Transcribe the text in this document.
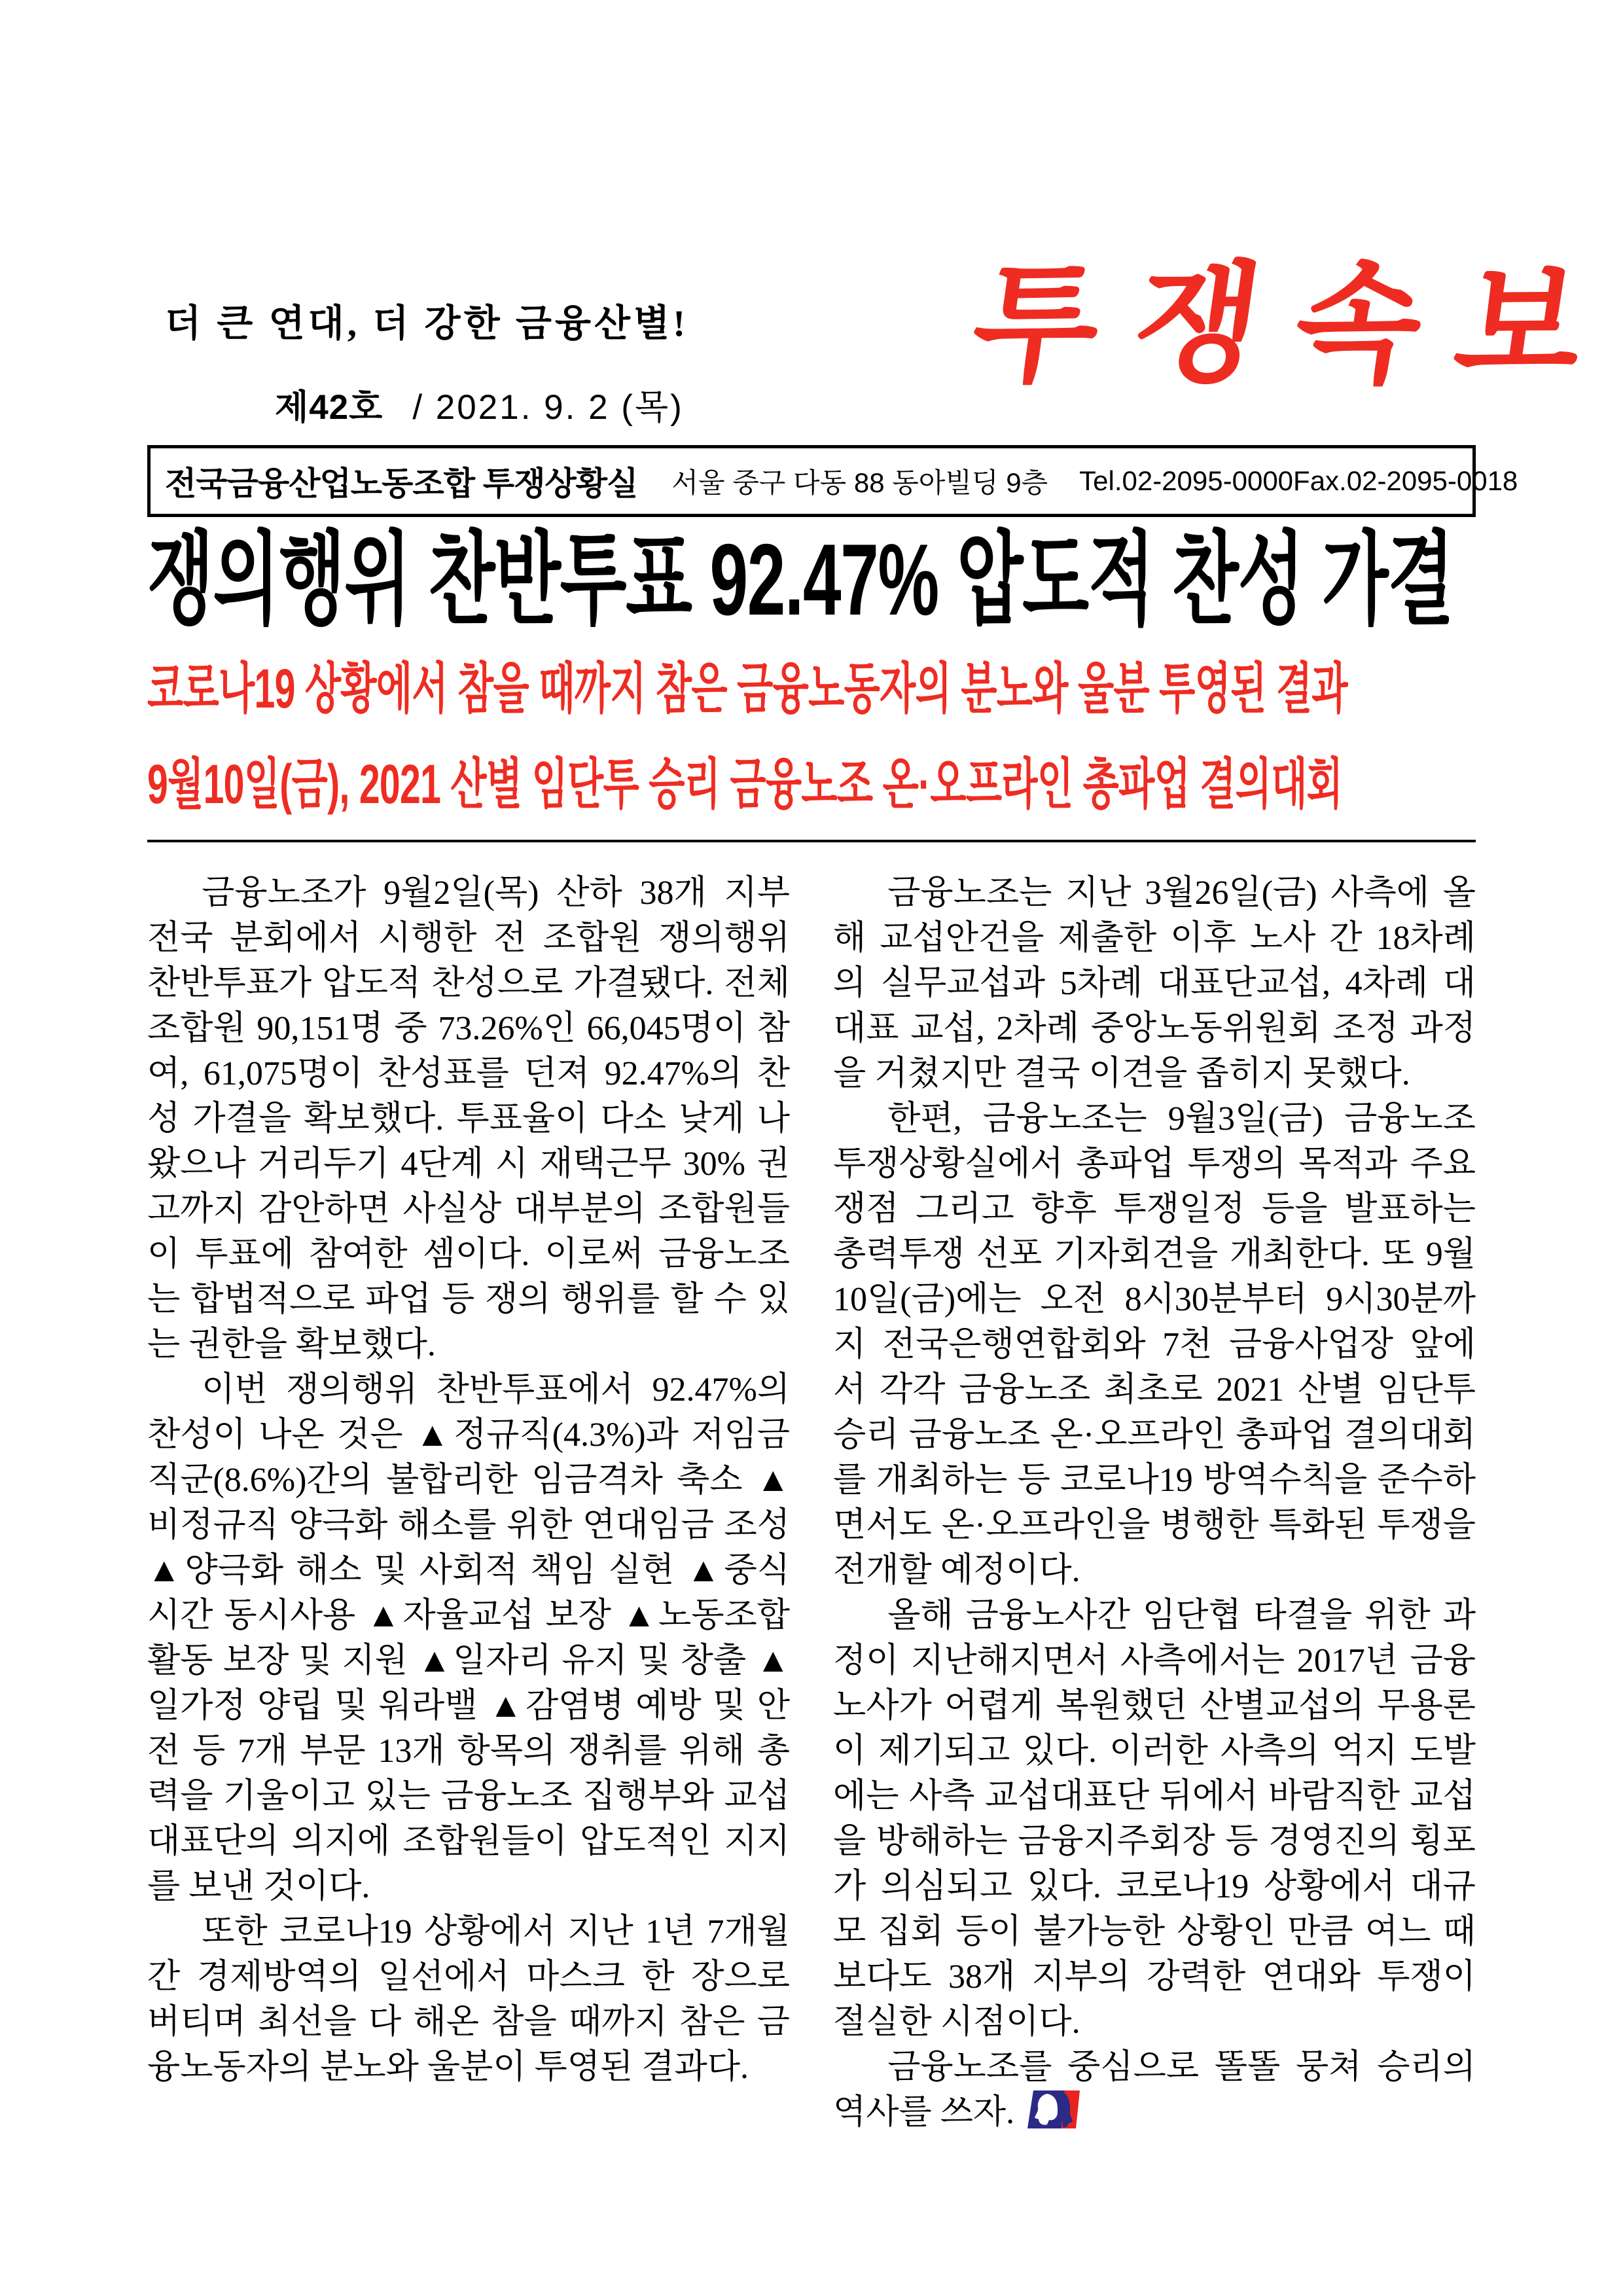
더 큰 연대, 더 강한 금융산별!
제42호 / 2021. 9. 2 (목)
투 쟁 속 보
전국금융산업노동조합 투쟁상황실 서울 중구 다동 88 동아빌딩 9층 Tel.02-2095-0000 Fax.02-2095-0018
쟁의행위 찬반투표 92.47% 압도적 찬성 가결
코로나19 상황에서 참을 때까지 참은 금융노동자의 분노와 울분 투영된 결과
9월10일(금), 2021 산별 임단투 승리 금융노조 온·오프라인 총파업 결의대회

금융노조가 9월2일(목) 산하 38개 지부 전국 분회에서 시행한 전 조합원 쟁의행위 찬반투표가 압도적 찬성으로 가결됐다. 전체 조합원 90,151명 중 73.26%인 66,045명이 참여, 61,075명이 찬성표를 던져 92.47%의 찬성 가결을 확보했다. 투표율이 다소 낮게 나왔으나 거리두기 4단계 시 재택근무 30% 권고까지 감안하면 사실상 대부분의 조합원들이 투표에 참여한 셈이다. 이로써 금융노조는 합법적으로 파업 등 쟁의 행위를 할 수 있는 권한을 확보했다.

이번 쟁의행위 찬반투표에서 92.47%의 찬성이 나온 것은 ▲정규직(4.3%)과 저임금직군(8.6%)간의 불합리한 임금격차 축소 ▲비정규직 양극화 해소를 위한 연대임금 조성 ▲양극화 해소 및 사회적 책임 실현 ▲중식시간 동시사용 ▲자율교섭 보장 ▲노동조합 활동 보장 및 지원 ▲일자리 유지 및 창출 ▲일가정 양립 및 워라밸 ▲감염병 예방 및 안전 등 7개 부문 13개 항목의 쟁취를 위해 총력을 기울이고 있는 금융노조 집행부와 교섭대표단의 의지에 조합원들이 압도적인 지지를 보낸 것이다.

또한 코로나19 상황에서 지난 1년 7개월간 경제방역의 일선에서 마스크 한 장으로 버티며 최선을 다 해온 참을 때까지 참은 금융노동자의 분노와 울분이 투영된 결과다.

금융노조는 지난 3월26일(금) 사측에 올해 교섭안건을 제출한 이후 노사 간 18차례의 실무교섭과 5차례 대표단교섭, 4차례 대대표 교섭, 2차례 중앙노동위원회 조정 과정을 거쳤지만 결국 이견을 좁히지 못했다.

한편, 금융노조는 9월3일(금) 금융노조 투쟁상황실에서 총파업 투쟁의 목적과 주요 쟁점 그리고 향후 투쟁일정 등을 발표하는 총력투쟁 선포 기자회견을 개최한다. 또 9월10일(금)에는 오전 8시30분부터 9시30분까지 전국은행연합회와 7천 금융사업장 앞에서 각각 금융노조 최초로 2021 산별 임단투 승리 금융노조 온·오프라인 총파업 결의대회를 개최하는 등 코로나19 방역수칙을 준수하면서도 온·오프라인을 병행한 특화된 투쟁을 전개할 예정이다.

올해 금융노사간 임단협 타결을 위한 과정이 지난해지면서 사측에서는 2017년 금융노사가 어렵게 복원했던 산별교섭의 무용론이 제기되고 있다. 이러한 사측의 억지 도발에는 사측 교섭대표단 뒤에서 바람직한 교섭을 방해하는 금융지주회장 등 경영진의 횡포가 의심되고 있다. 코로나19 상황에서 대규모 집회 등이 불가능한 상황인 만큼 여느 때보다도 38개 지부의 강력한 연대와 투쟁이 절실한 시점이다.

금융노조를 중심으로 똘똘 뭉쳐 승리의 역사를 쓰자.
